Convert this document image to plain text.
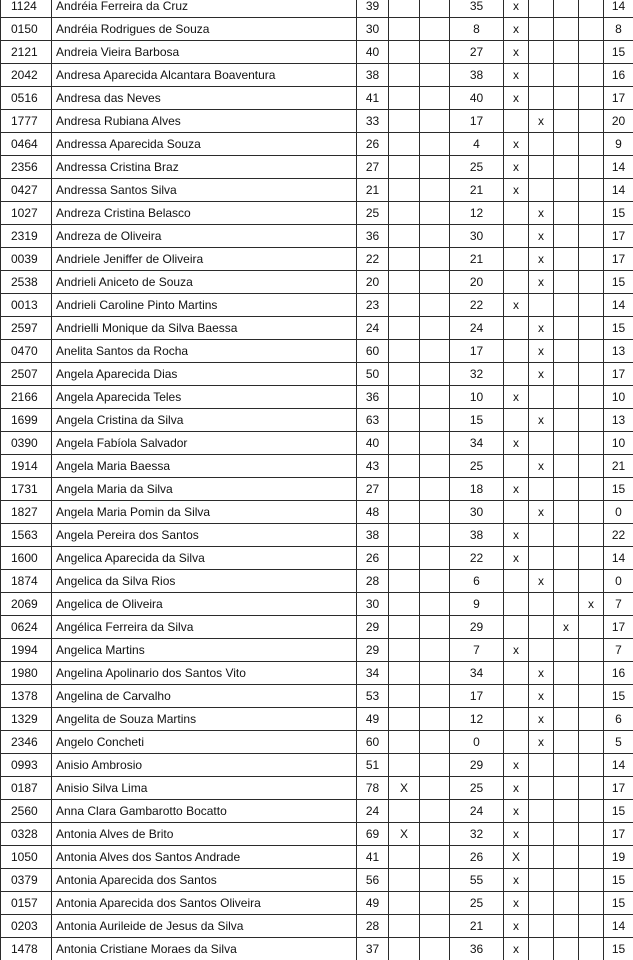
1124	Andréia Ferreira da Cruz	39			35	x				14
0150	Andréia Rodrigues de Souza	30			8	x				8
2121	Andreia Vieira Barbosa	40			27	x				15
2042	Andresa Aparecida Alcantara Boaventura	38			38	x				16
0516	Andresa das Neves	41			40	x				17
1777	Andresa Rubiana Alves	33			17		x			20
0464	Andressa Aparecida Souza	26			4	x				9
2356	Andressa Cristina Braz	27			25	x				14
0427	Andressa Santos Silva	21			21	x				14
1027	Andreza Cristina Belasco	25			12		x			15
2319	Andreza de Oliveira	36			30		x			17
0039	Andriele Jeniffer de Oliveira	22			21		x			17
2538	Andrieli Aniceto de Souza	20			20		x			15
0013	Andrieli Caroline Pinto Martins	23			22	x				14
2597	Andrielli Monique da Silva Baessa	24			24		x			15
0470	Anelita Santos da Rocha	60			17		x			13
2507	Angela Aparecida Dias	50			32		x			17
2166	Angela Aparecida Teles	36			10	x				10
1699	Angela Cristina da Silva	63			15		x			13
0390	Angela Fabíola Salvador	40			34	x				10
1914	Angela Maria Baessa	43			25		x			21
1731	Angela Maria da Silva	27			18	x				15
1827	Angela Maria Pomin da Silva	48			30		x			0
1563	Angela Pereira dos Santos	38			38	x				22
1600	Angelica Aparecida da Silva	26			22	x				14
1874	Angelica da Silva Rios	28			6		x			0
2069	Angelica de Oliveira	30			9				x	7
0624	Angélica Ferreira da Silva	29			29			x		17
1994	Angelica Martins	29			7	x				7
1980	Angelina Apolinario dos Santos Vito	34			34		x			16
1378	Angelina de Carvalho	53			17		x			15
1329	Angelita de Souza Martins	49			12		x			6
2346	Angelo Concheti	60			0		x			5
0993	Anisio Ambrosio	51			29	x				14
0187	Anisio Silva Lima	78	X		25	x				17
2560	Anna Clara Gambarotto Bocatto	24			24	x				15
0328	Antonia Alves de Brito	69	X		32	x				17
1050	Antonia Alves dos Santos Andrade	41			26	X				19
0379	Antonia Aparecida dos Santos	56			55	x				15
0157	Antonia Aparecida dos Santos Oliveira	49			25	x				15
0203	Antonia Aurileide de Jesus da Silva	28			21	x				14
1478	Antonia Cristiane Moraes da Silva	37			36	x				15
